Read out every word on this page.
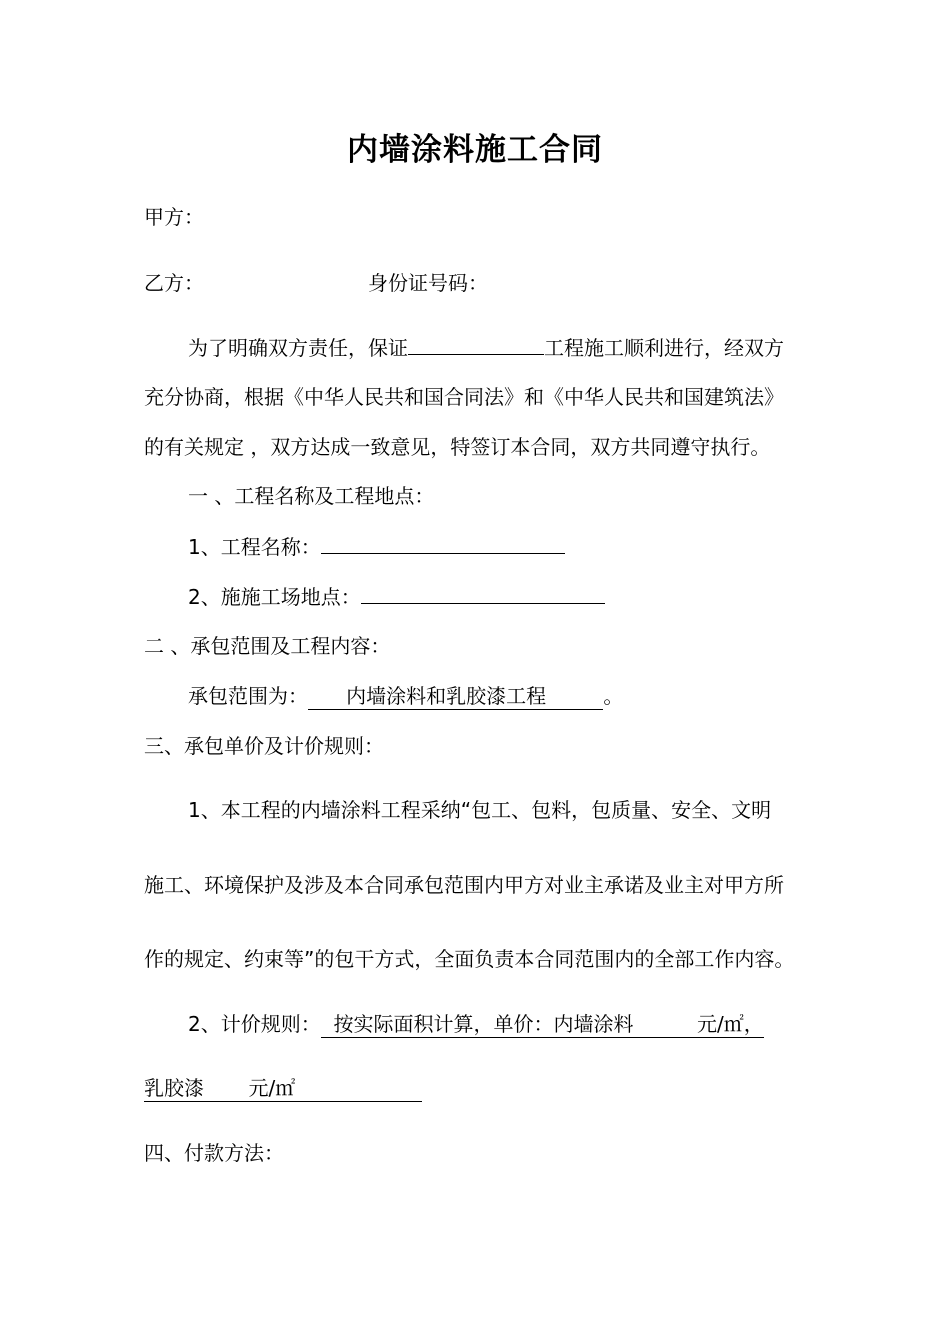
内墙涂料施工合同
甲方：
乙方：	身份证号码：
为了明确双方责任，保证	工程施工顺利进行，经双方
充分协商，根据《中华人民共和国合同法》和《中华人民共和国建筑法》
的有关规定 ，双方达成一致意见，特签订本合同，双方共同遵守执行。
一 、工程名称及工程地点：
1、工程名称：
2、施施工场地点：
二 、承包范围及工程内容：
承包范围为：      内墙涂料和乳胶漆工程         。
三、承包单价及计价规则：
1、本工程的内墙涂料工程采纳“包工、包料，包质量、安全、文明
施工、环境保护及涉及本合同承包范围内甲方对业主承诺及业主对甲方所
作的规定、约束等”的包干方式，全面负责本合同范围内的全部工作内容。
2、计价规则：  按实际面积计算，单价：内墙涂料          元/㎡，
乳胶漆       元/㎡
四、付款方法：
